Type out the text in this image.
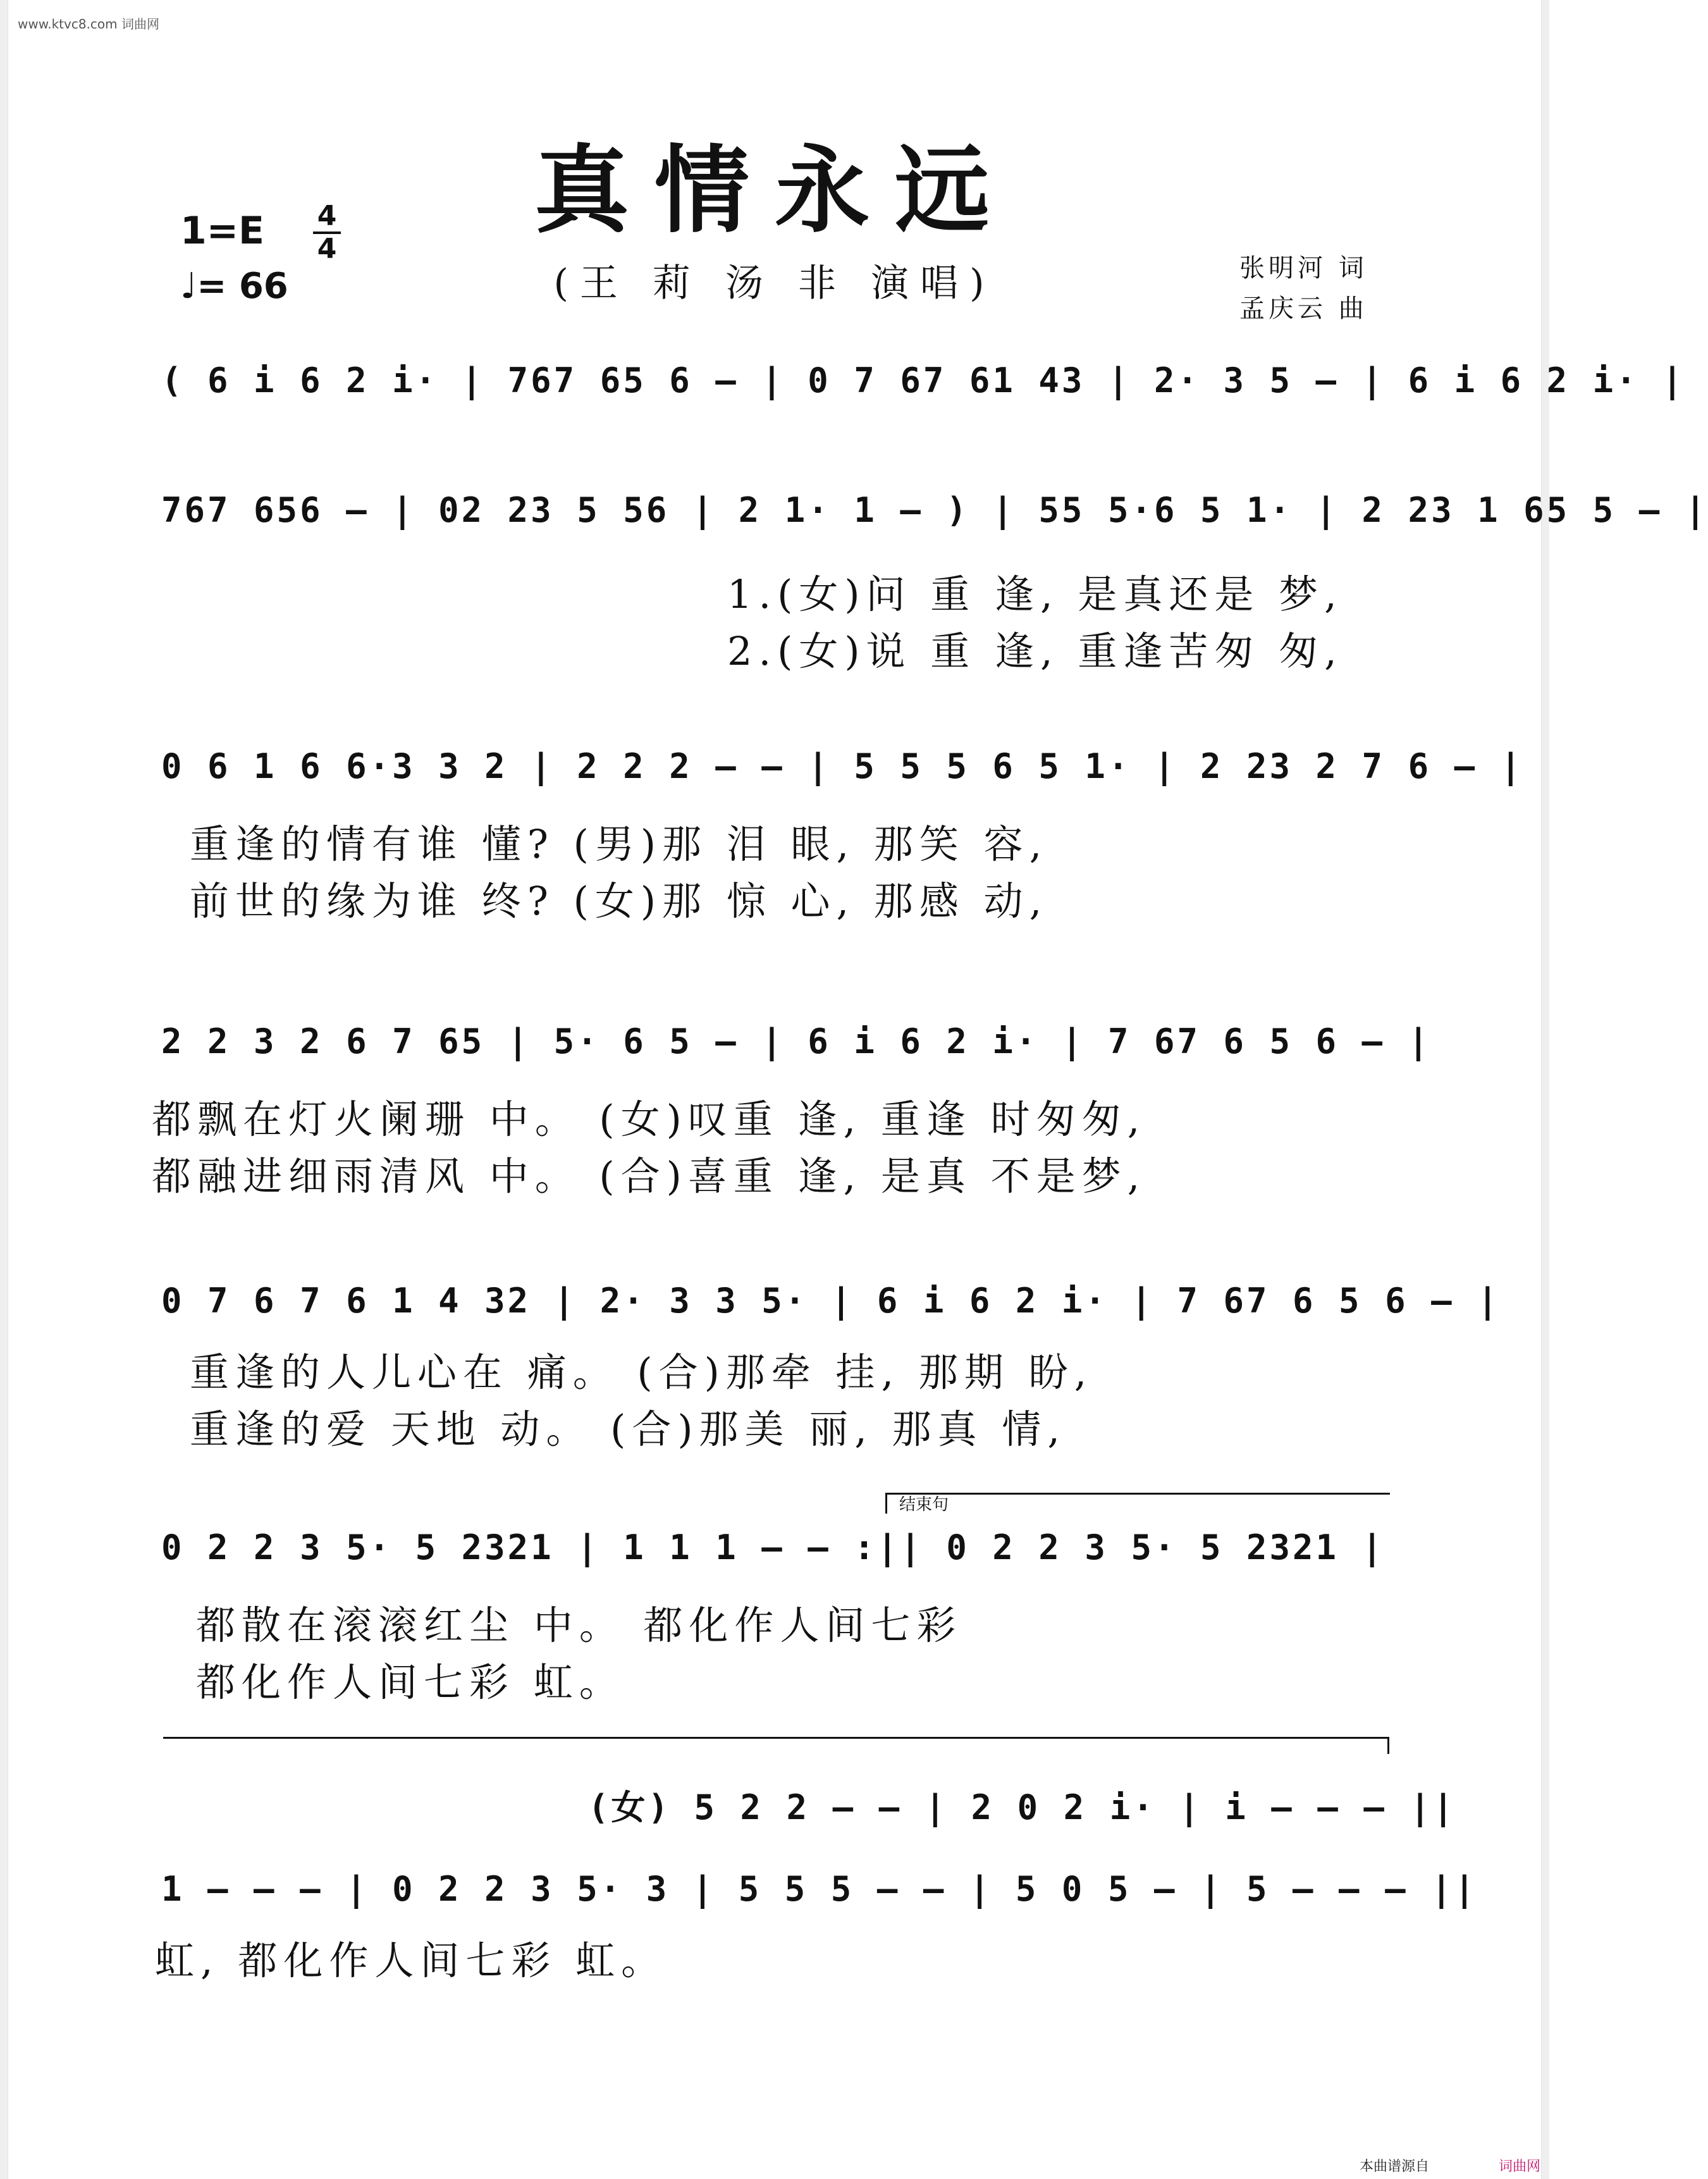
www.ktvc8.com 词曲网
真情永远
(王 莉 汤 非 演唱)
1=E 4
4
♩= 66	张明河 词
孟庆云 曲
( 6 i 6 2 i· | 767 65 6 – | 0 7 67 61 43 | 2· 3 5 – | 6 i 6 2 i· |
767 656 – | 02 23 5 56 | 2 1· 1 – ) | 55 5·6 5 1· | 2 23 1 65 5 – |
1.(女)问 重 逢, 是真还是 梦,
2.(女)说 重 逢, 重逢苦匆 匆,
0 6 1 6 6·3 3 2 | 2 2 2 – – | 5 5 5 6 5 1· | 2 23 2 7 6 – |
重逢的情有谁 懂? (男)那 泪 眼, 那笑 容,
前世的缘为谁 终? (女)那 惊 心, 那感 动,
2 2 3 2 6 7 65 | 5· 6 5 – | 6 i 6 2 i· | 7 67 6 5 6 – |
都飘在灯火阑珊 中。 (女)叹重 逢, 重逢 时匆匆,
都融进细雨清风 中。 (合)喜重 逢, 是真 不是梦,
0 7 6 7 6 1 4 32 | 2· 3 3 5· | 6 i 6 2 i· | 7 67 6 5 6 – |
重逢的人儿心在 痛。 (合)那牵 挂, 那期 盼,
重逢的爱 天地 动。 (合)那美 丽, 那真 情,
结束句
0 2 2 3 5· 5 2321 | 1 1 1 – – :|| 0 2 2 3 5· 5 2321 |
都散在滚滚红尘 中。 都化作人间七彩
都化作人间七彩 虹。
(女) 5 2 2 – – | 2 0 2 i· | i – – – ||
1 – – – | 0 2 2 3 5· 3 | 5 5 5 – – | 5 0 5 – | 5 – – – ||
虹, 都化作人间七彩 虹。
本曲谱源自	词曲网
